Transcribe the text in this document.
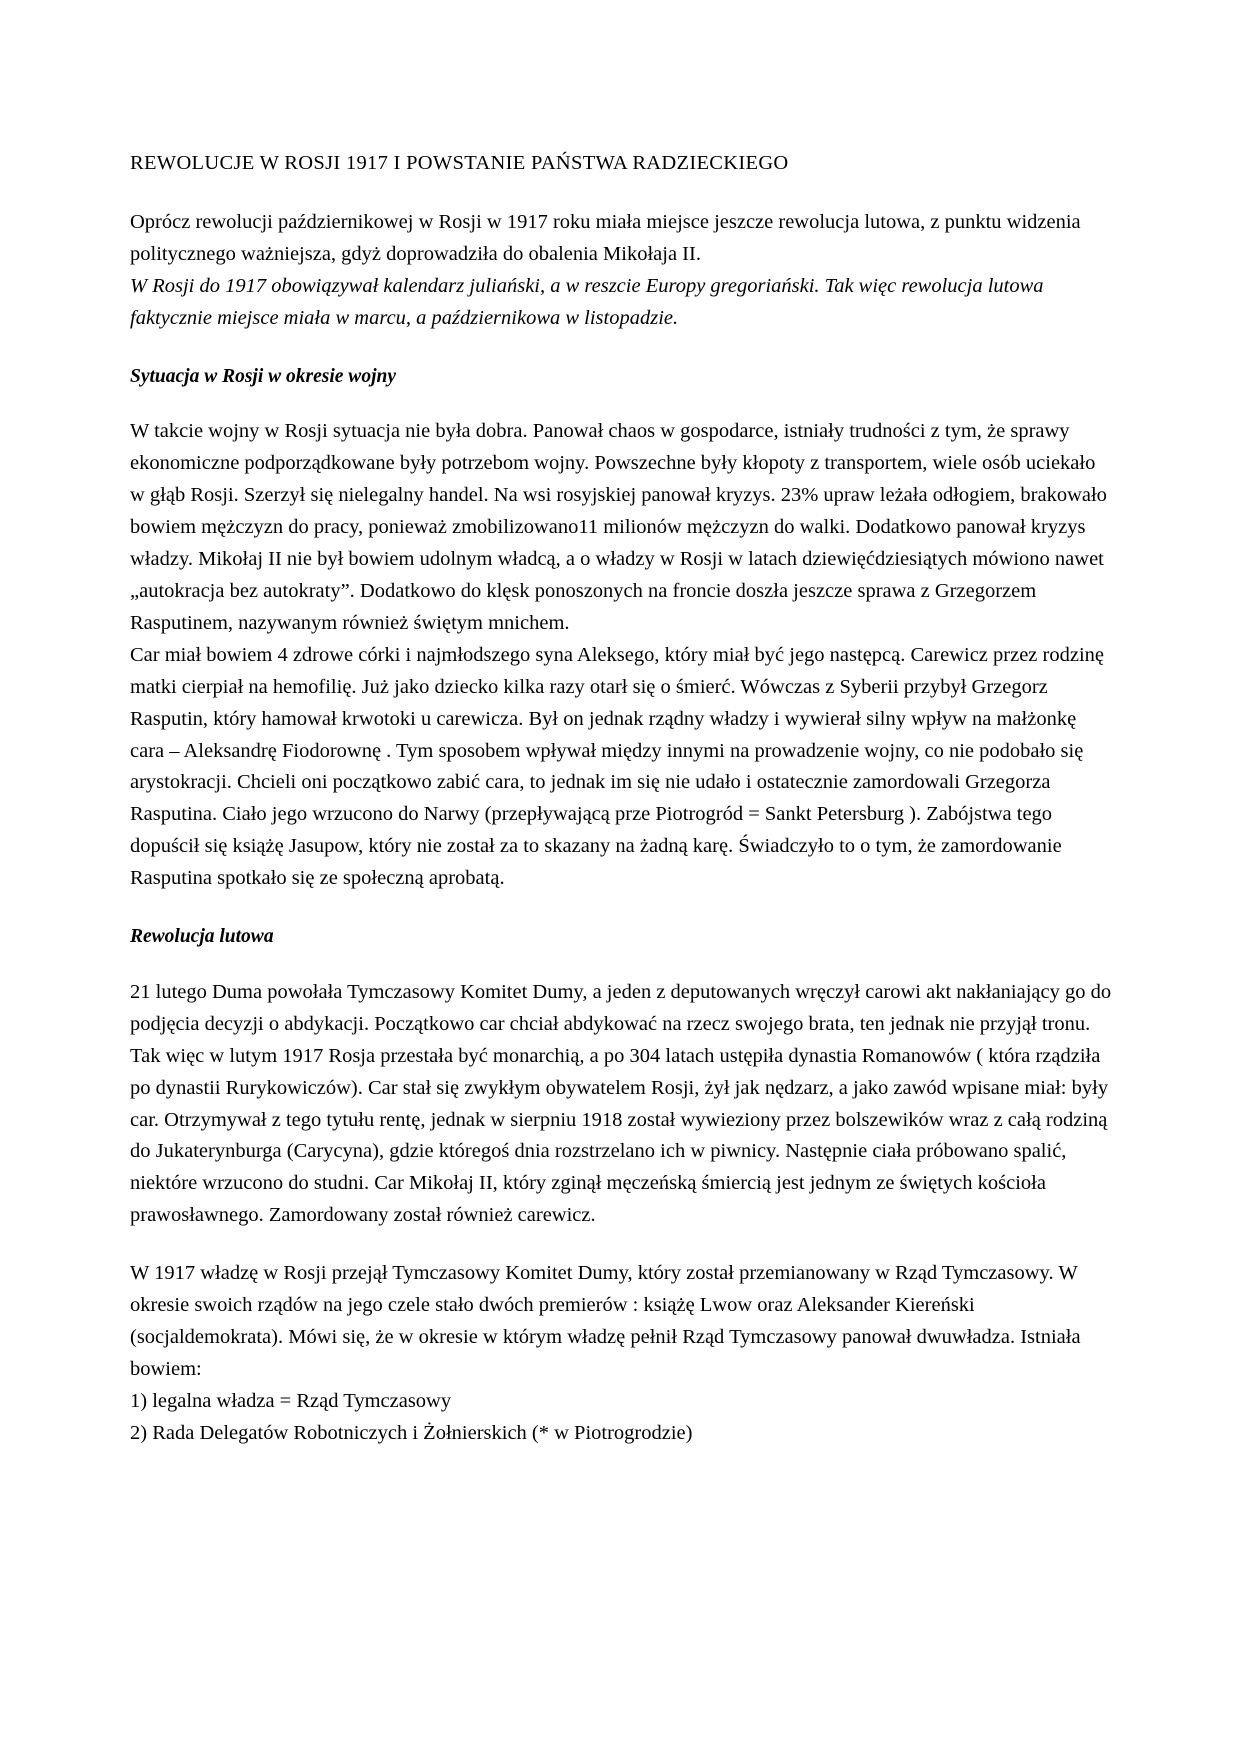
REWOLUCJE W ROSJI 1917 I POWSTANIE PAŃSTWA RADZIECKIEGO

Oprócz rewolucji październikowej w Rosji w 1917 roku miała miejsce jeszcze rewolucja lutowa, z punktu widzenia politycznego ważniejsza, gdyż doprowadziła do obalenia Mikołaja II.

W Rosji do 1917 obowiązywał kalendarz juliański, a w reszcie Europy gregoriański. Tak więc rewolucja lutowa faktycznie miejsce miała w marcu, a październikowa w listopadzie.

Sytuacja w Rosji w okresie wojny

W takcie wojny w Rosji sytuacja nie była dobra. Panował chaos w gospodarce, istniały trudności z tym, że sprawy ekonomiczne podporządkowane były potrzebom wojny. Powszechne były kłopoty z transportem, wiele osób uciekało w głąb Rosji. Szerzył się nielegalny handel. Na wsi rosyjskiej panował kryzys. 23% upraw leżała odłogiem, brakowało bowiem mężczyzn do pracy, ponieważ zmobilizowano11 milionów mężczyzn do walki. Dodatkowo panował kryzys władzy. Mikołaj II nie był bowiem udolnym władcą, a o władzy w Rosji w latach dziewięćdziesiątych mówiono nawet „autokracja bez autokraty”. Dodatkowo do klęsk ponoszonych na froncie doszła jeszcze sprawa z Grzegorzem Rasputinem, nazywanym również świętym mnichem.

Car miał bowiem 4 zdrowe córki i najmłodszego syna Aleksego, który miał być jego następcą. Carewicz przez rodzinę matki cierpiał na hemofilię. Już jako dziecko kilka razy otarł się o śmierć. Wówczas z Syberii przybył Grzegorz Rasputin, który hamował krwotoki u carewicza. Był on jednak rządny władzy i wywierał silny wpływ na małżonkę cara – Aleksandrę Fiodorownę . Tym sposobem wpływał między innymi na prowadzenie wojny, co nie podobało się arystokracji. Chcieli oni początkowo zabić cara, to jednak im się nie udało i ostatecznie zamordowali Grzegorza Rasputina. Ciało jego wrzucono do Narwy (przepływającą prze Piotrogród = Sankt Petersburg ). Zabójstwa tego dopuścił się książę Jasupow, który nie został za to skazany na żadną karę. Świadczyło to o tym, że zamordowanie Rasputina spotkało się ze społeczną aprobatą.

Rewolucja lutowa

21 lutego Duma powołała Tymczasowy Komitet Dumy, a jeden z deputowanych wręczył carowi akt nakłaniający go do podjęcia decyzji o abdykacji. Początkowo car chciał abdykować na rzecz swojego brata, ten jednak nie przyjął tronu. Tak więc w lutym 1917 Rosja przestała być monarchią, a po 304 latach ustępiła dynastia Romanowów ( która rządziła po dynastii Rurykowiczów). Car stał się zwykłym obywatelem Rosji, żył jak nędzarz, a jako zawód wpisane miał: były car. Otrzymywał z tego tytułu rentę, jednak w sierpniu 1918 został wywieziony przez bolszewików wraz z całą rodziną do Jukaterynburga (Carycyna), gdzie któregoś dnia rozstrzelano ich w piwnicy. Następnie ciała próbowano spalić, niektóre wrzucono do studni. Car Mikołaj II, który zginął męczeńską śmiercią jest jednym ze świętych kościoła prawosławnego. Zamordowany został również carewicz.

W 1917 władzę w Rosji przejął Tymczasowy Komitet Dumy, który został przemianowany w Rząd Tymczasowy. W okresie swoich rządów na jego czele stało dwóch premierów : książę Lwow oraz Aleksander Kiereński (socjaldemokrata). Mówi się, że w okresie w którym władzę pełnił Rząd Tymczasowy panował dwuwładza. Istniała bowiem:

1) legalna władza = Rząd Tymczasowy

2) Rada Delegatów Robotniczych i Żołnierskich (* w Piotrogrodzie)
